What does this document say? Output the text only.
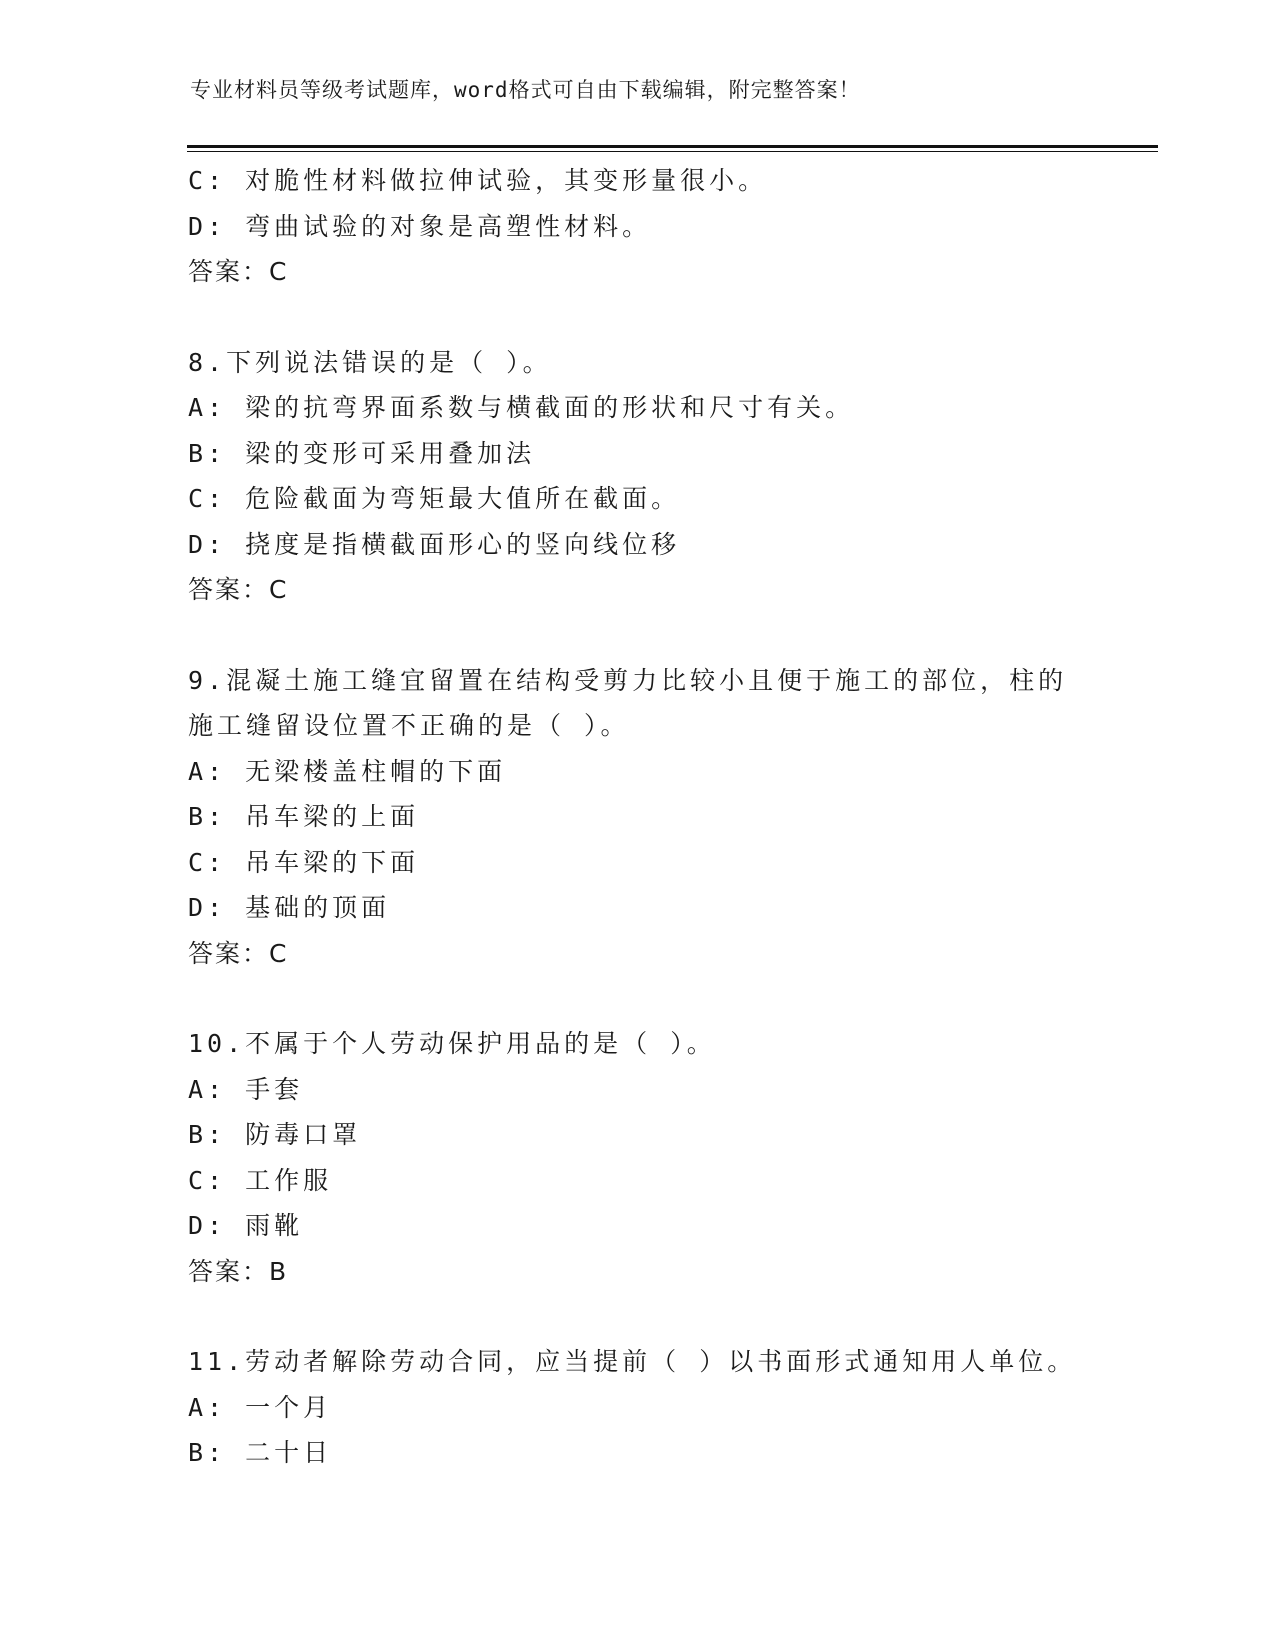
专业材料员等级考试题库，word格式可自由下载编辑，附完整答案！
C: 对脆性材料做拉伸试验，其变形量很小。
D: 弯曲试验的对象是高塑性材料。
答案：C
8.下列说法错误的是（ ）。
A: 梁的抗弯界面系数与横截面的形状和尺寸有关。
B: 梁的变形可采用叠加法
C: 危险截面为弯矩最大值所在截面。
D: 挠度是指横截面形心的竖向线位移
答案：C
9.混凝土施工缝宜留置在结构受剪力比较小且便于施工的部位，柱的
施工缝留设位置不正确的是（ ）。
A: 无梁楼盖柱帽的下面
B: 吊车梁的上面
C: 吊车梁的下面
D: 基础的顶面
答案：C
10.不属于个人劳动保护用品的是（ ）。
A: 手套
B: 防毒口罩
C: 工作服
D: 雨靴
答案：B
11.劳动者解除劳动合同，应当提前（ ）以书面形式通知用人单位。
A: 一个月
B: 二十日
